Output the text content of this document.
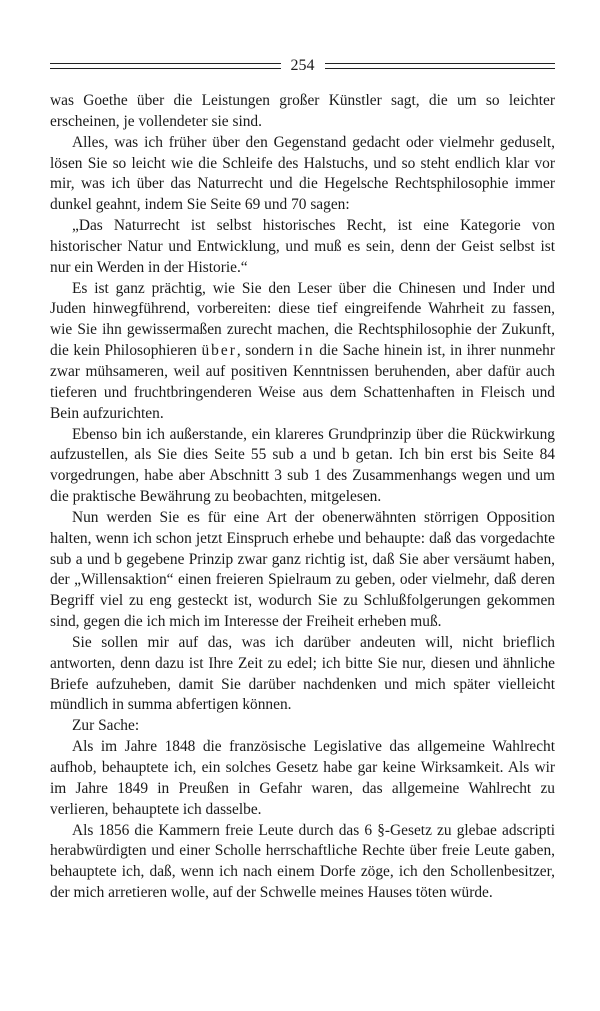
254

was Goethe über die Leistungen großer Künstler sagt, die um so leichter erscheinen, je vollendeter sie sind.

Alles, was ich früher über den Gegenstand gedacht oder vielmehr geduselt, lösen Sie so leicht wie die Schleife des Halstuchs, und so steht endlich klar vor mir, was ich über das Naturrecht und die Hegelsche Rechtsphilosophie immer dunkel geahnt, indem Sie Seite 69 und 70 sagen:

„Das Naturrecht ist selbst historisches Recht, ist eine Kategorie von historischer Natur und Entwicklung, und muß es sein, denn der Geist selbst ist nur ein Werden in der Historie.“

Es ist ganz prächtig, wie Sie den Leser über die Chinesen und Inder und Juden hinwegführend, vorbereiten: diese tief eingreifende Wahrheit zu fassen, wie Sie ihn gewissermaßen zurecht machen, die Rechtsphilosophie der Zukunft, die kein Philosophieren über, sondern in die Sache hinein ist, in ihrer nunmehr zwar mühsameren, weil auf positiven Kenntnissen beruhenden, aber dafür auch tieferen und fruchtbringenderen Weise aus dem Schattenhaften in Fleisch und Bein aufzurichten.

Ebenso bin ich außerstande, ein klareres Grundprinzip über die Rückwirkung aufzustellen, als Sie dies Seite 55 sub a und b getan. Ich bin erst bis Seite 84 vorgedrungen, habe aber Abschnitt 3 sub 1 des Zusammenhangs wegen und um die praktische Bewährung zu beobachten, mitgelesen.

Nun werden Sie es für eine Art der obenerwähnten störrigen Opposition halten, wenn ich schon jetzt Einspruch erhebe und behaupte: daß das vorgedachte sub a und b gegebene Prinzip zwar ganz richtig ist, daß Sie aber versäumt haben, der „Willensaktion“ einen freieren Spielraum zu geben, oder vielmehr, daß deren Begriff viel zu eng gesteckt ist, wodurch Sie zu Schlußfolgerungen gekommen sind, gegen die ich mich im Interesse der Freiheit erheben muß.

Sie sollen mir auf das, was ich darüber andeuten will, nicht brieflich antworten, denn dazu ist Ihre Zeit zu edel; ich bitte Sie nur, diesen und ähnliche Briefe aufzuheben, damit Sie darüber nachdenken und mich später vielleicht mündlich in summa abfertigen können.

Zur Sache:

Als im Jahre 1848 die französische Legislative das allgemeine Wahlrecht aufhob, behauptete ich, ein solches Gesetz habe gar keine Wirksamkeit. Als wir im Jahre 1849 in Preußen in Gefahr waren, das allgemeine Wahlrecht zu verlieren, behauptete ich dasselbe.

Als 1856 die Kammern freie Leute durch das 6 §-Gesetz zu glebae adscripti herabwürdigten und einer Scholle herrschaftliche Rechte über freie Leute gaben, behauptete ich, daß, wenn ich nach einem Dorfe zöge, ich den Schollenbesitzer, der mich arretieren wolle, auf der Schwelle meines Hauses töten würde.
